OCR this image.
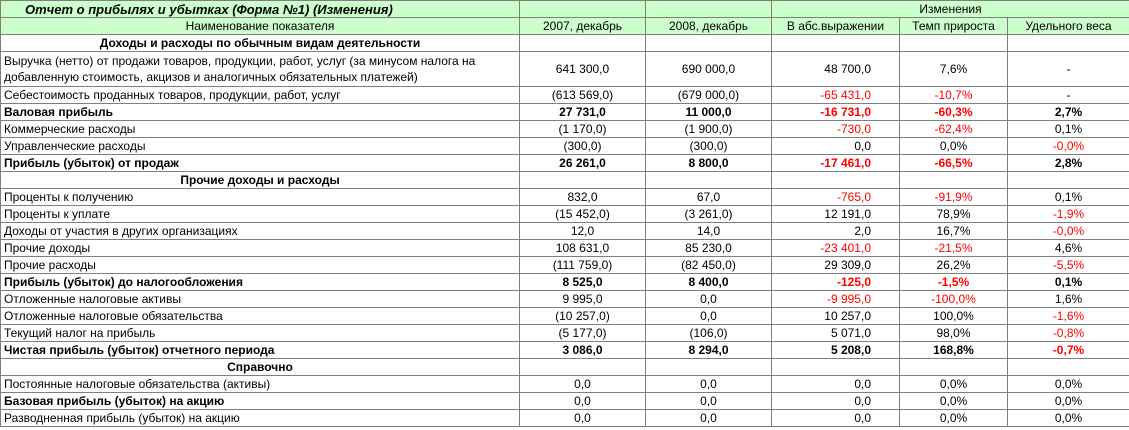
Отчет о прибылях и убытках (Форма №1) (Изменения)			Изменения		
Наименование показателя	2007, декабрь	2008, декабрь	В абс.выражении	Темп прироста	Удельного веса
Доходы и расходы по обычным видам деятельности					
Выручка (нетто) от продажи товаров, продукции, работ, услуг (за минусом налога на добавленную стоимость, акцизов и аналогичных обязательных платежей)	641 300,0	690 000,0	48 700,0	7,6%	-
Себестоимость проданных товаров, продукции, работ, услуг	(613 569,0)	(679 000,0)	-65 431,0	-10,7%	-
Валовая прибыль	27 731,0	11 000,0	-16 731,0	-60,3%	2,7%
Коммерческие расходы	(1 170,0)	(1 900,0)	-730,0	-62,4%	0,1%
Управленческие расходы	(300,0)	(300,0)	0,0	0,0%	-0,0%
Прибыль (убыток) от продаж	26 261,0	8 800,0	-17 461,0	-66,5%	2,8%
Прочие доходы и расходы					
Проценты к получению	832,0	67,0	-765,0	-91,9%	0,1%
Проценты к уплате	(15 452,0)	(3 261,0)	12 191,0	78,9%	-1,9%
Доходы от участия в других организациях	12,0	14,0	2,0	16,7%	-0,0%
Прочие доходы	108 631,0	85 230,0	-23 401,0	-21,5%	4,6%
Прочие расходы	(111 759,0)	(82 450,0)	29 309,0	26,2%	-5,5%
Прибыль (убыток) до налогообложения	8 525,0	8 400,0	-125,0	-1,5%	0,1%
Отложенные налоговые активы	9 995,0	0,0	-9 995,0	-100,0%	1,6%
Отложенные налоговые обязательства	(10 257,0)	0,0	10 257,0	100,0%	-1,6%
Текущий налог на прибыль	(5 177,0)	(106,0)	5 071,0	98,0%	-0,8%
Чистая прибыль (убыток) отчетного периода	3 086,0	8 294,0	5 208,0	168,8%	-0,7%
Справочно					
Постоянные налоговые обязательства (активы)	0,0	0,0	0,0	0,0%	0,0%
Базовая прибыль (убыток) на акцию	0,0	0,0	0,0	0,0%	0,0%
Разводненная прибыль (убыток) на акцию	0,0	0,0	0,0	0,0%	0,0%
